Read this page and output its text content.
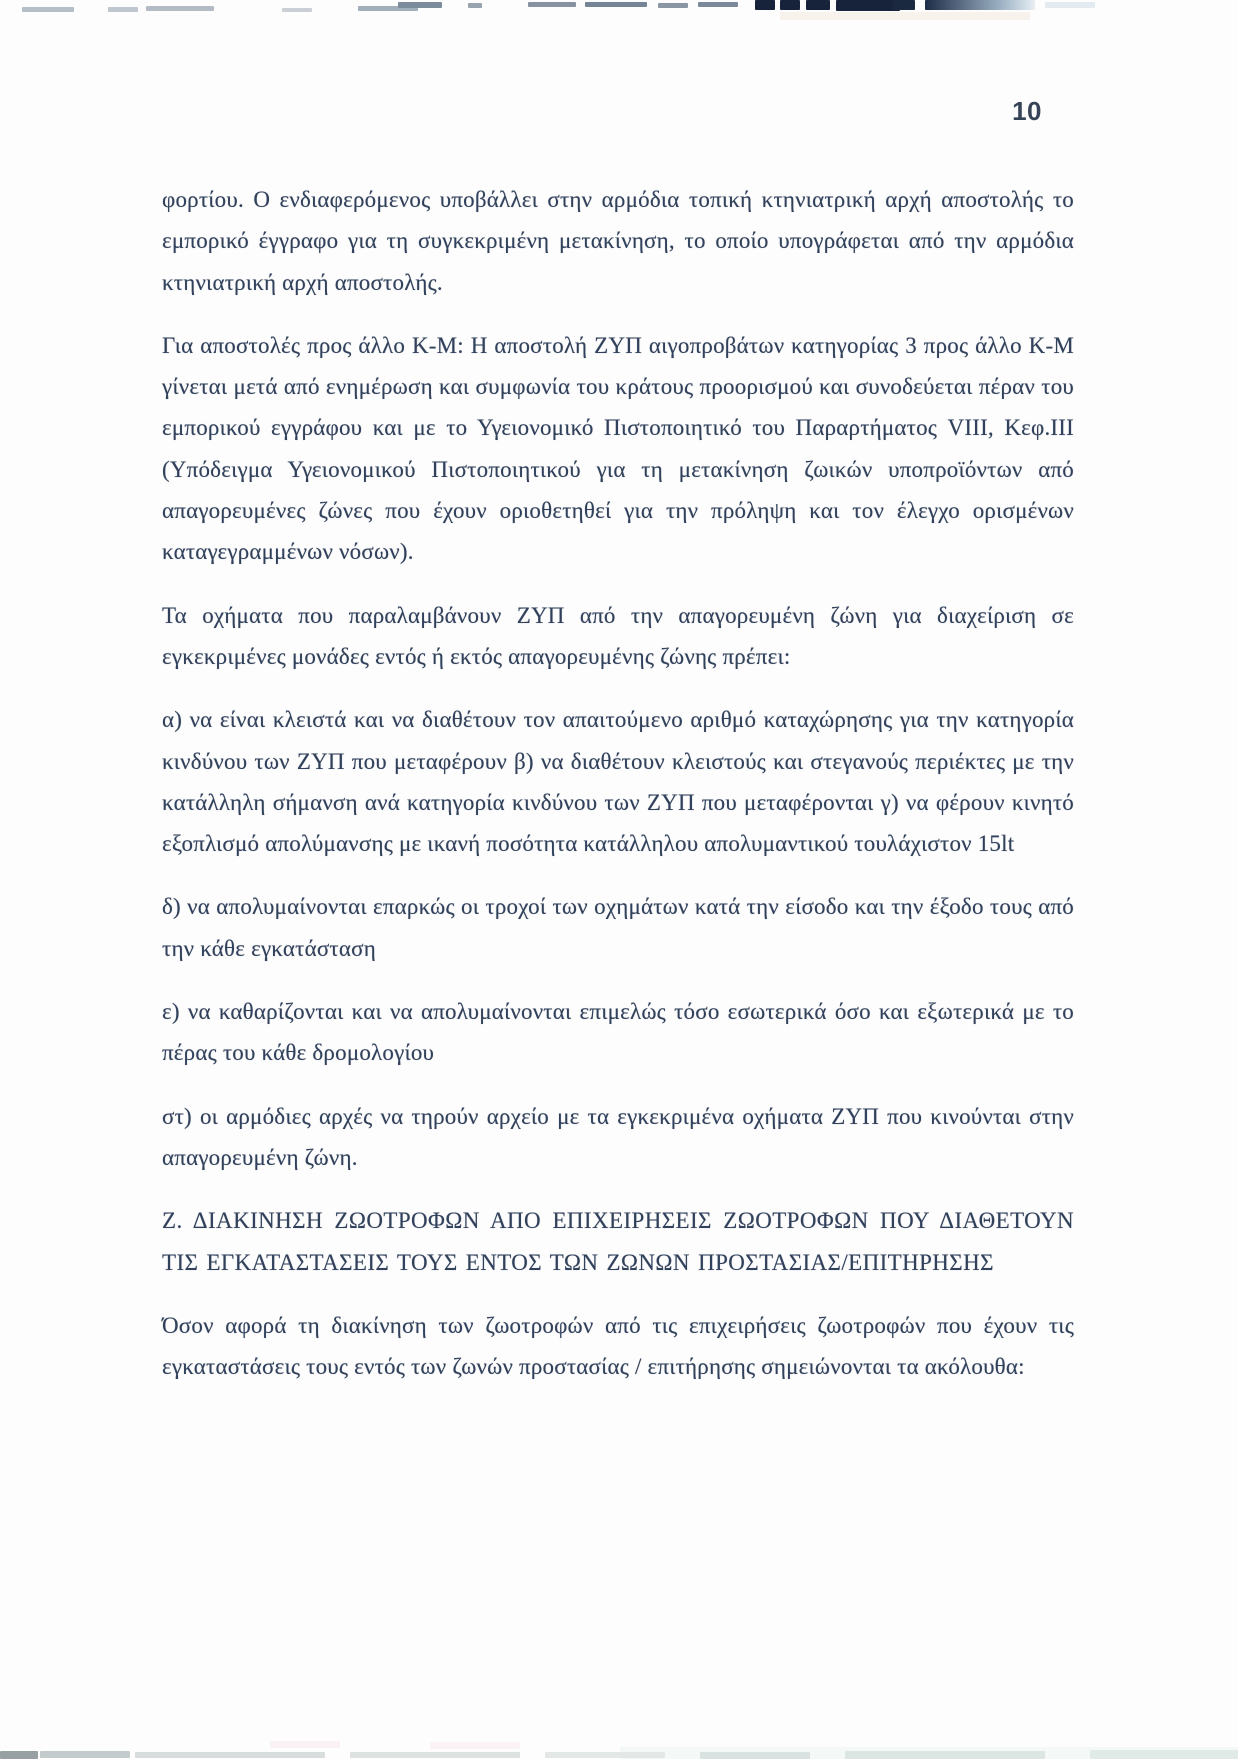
10

φορτίου. Ο ενδιαφερόμενος υποβάλλει στην αρμόδια τοπική κτηνιατρική αρχή αποστολής το εμπορικό έγγραφο για τη συγκεκριμένη μετακίνηση, το οποίο υπογράφεται από την αρμόδια κτηνιατρική αρχή αποστολής.

Για αποστολές προς άλλο Κ-Μ: Η αποστολή ΖΥΠ αιγοπροβάτων κατηγορίας 3 προς άλλο Κ-Μ γίνεται μετά από ενημέρωση και συμφωνία του κράτους προορισμού και συνοδεύεται πέραν του εμπορικού εγγράφου και με το Υγειονομικό Πιστοποιητικό του Παραρτήματος VIII, Κεφ.III (Υπόδειγμα Υγειονομικού Πιστοποιητικού για τη μετακίνηση ζωικών υποπροϊόντων από απαγορευμένες ζώνες που έχουν οριοθετηθεί για την πρόληψη και τον έλεγχο ορισμένων καταγεγραμμένων νόσων).

Τα οχήματα που παραλαμβάνουν ΖΥΠ από την απαγορευμένη ζώνη για διαχείριση σε εγκεκριμένες μονάδες εντός ή εκτός απαγορευμένης ζώνης πρέπει:

α) να είναι κλειστά και να διαθέτουν τον απαιτούμενο αριθμό καταχώρησης για την κατηγορία κινδύνου των ΖΥΠ που μεταφέρουν β) να διαθέτουν κλειστούς και στεγανούς περιέκτες με την κατάλληλη σήμανση ανά κατηγορία κινδύνου των ΖΥΠ που μεταφέρονται γ) να φέρουν κινητό εξοπλισμό απολύμανσης με ικανή ποσότητα κατάλληλου απολυμαντικού τουλάχιστον 15lt

δ) να απολυμαίνονται επαρκώς οι τροχοί των οχημάτων κατά την είσοδο και την έξοδο τους από την κάθε εγκατάσταση

ε) να καθαρίζονται και να απολυμαίνονται επιμελώς τόσο εσωτερικά όσο και εξωτερικά με το πέρας του κάθε δρομολογίου

στ) οι αρμόδιες αρχές να τηρούν αρχείο με τα εγκεκριμένα οχήματα ΖΥΠ που κινούνται στην απαγορευμένη ζώνη.

Ζ. ΔΙΑΚΙΝΗΣΗ ΖΩΟΤΡΟΦΩΝ ΑΠΟ ΕΠΙΧΕΙΡΗΣΕΙΣ ΖΩΟΤΡΟΦΩΝ ΠΟΥ ΔΙΑΘΕΤΟΥΝ ΤΙΣ ΕΓΚΑΤΑΣΤΑΣΕΙΣ ΤΟΥΣ ΕΝΤΟΣ ΤΩΝ ΖΩΝΩΝ ΠΡΟΣΤΑΣΙΑΣ/ΕΠΙΤΗΡΗΣΗΣ

Όσον αφορά τη διακίνηση των ζωοτροφών από τις επιχειρήσεις ζωοτροφών που έχουν τις εγκαταστάσεις τους εντός των ζωνών προστασίας / επιτήρησης σημειώνονται τα ακόλουθα:
